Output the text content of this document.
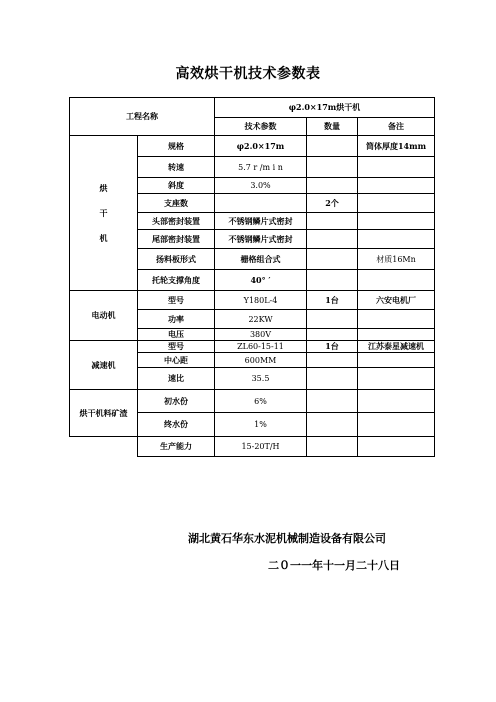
高效烘干机技术参数表
工程名称		φ2.0×17m烘干机		
		技术参数	数量	备注

烘
干
机	规格	φ2.0×17m		筒体厚度14mm
	转速	5.7 r /m i n		
	斜度	3.0%		
	支座数		2个	
	头部密封装置	不锈钢鳞片式密封		
	尾部密封装置	不锈钢鳞片式密封		
	扬料板形式	栅格组合式		材质16Mn
	托轮支撑角度	40° ′		
电动机	型号	Y180L-4	1台	六安电机厂
	功率	22KW		
	电压	380V		
减速机	型号	ZL60-15-11	1台	江苏泰星减速机
	中心距	600MM		
	速比	35.5		
烘干机料矿渣	初水份	6%		
	终水份	1%		
	生产能力	15-20T/H		
湖北黄石华东水泥机械制造设备有限公司
二０一一年十一月二十八日
